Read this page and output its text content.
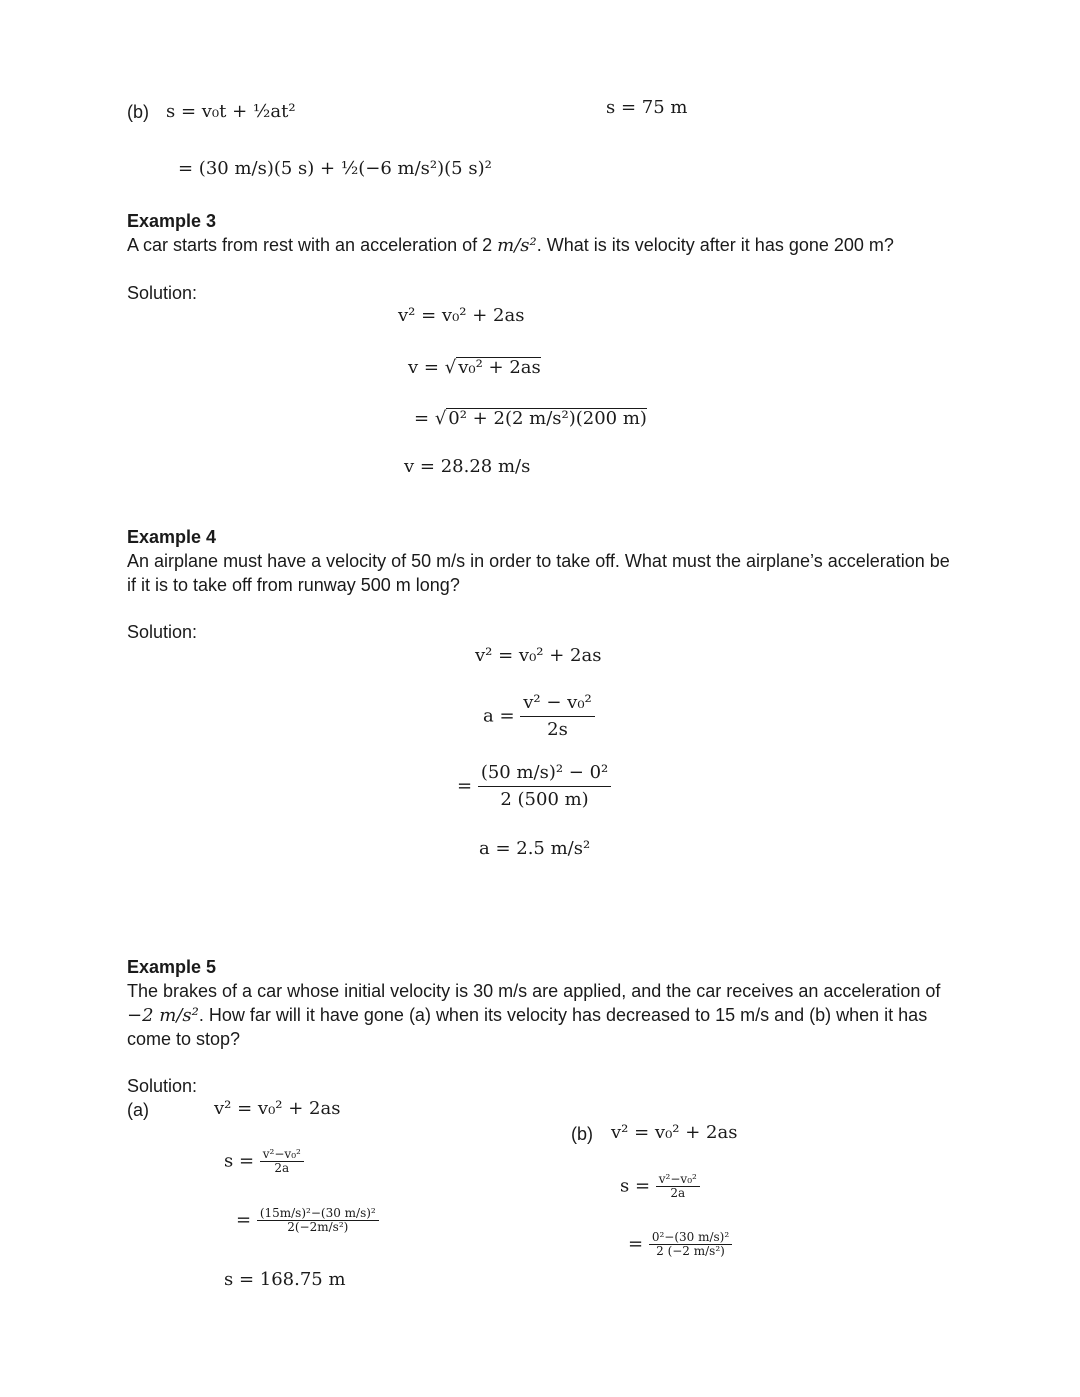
(b) s = v₀t + ½at²	s = 75 m
= (30 m/s)(5 s) + ½(−6 m/s²)(5 s)²
Example 3
A car starts from rest with an acceleration of 2 m/s². What is its velocity after it has gone 200 m?
Solution:
v² = v₀² + 2as
v = √ v₀² + 2as
= √ 0² + 2(2 m/s²)(200 m)
v = 28.28 m/s
Example 4
An airplane must have a velocity of 50 m/s in order to take off. What must the airplane’s acceleration be
if it is to take off from runway 500 m long?
Solution:
v² = v₀² + 2as
$a = \frac{\text{v² − v₀²}}{2s}$
= $\frac{\text{(50 m/s)² − 0²}}{2 (500 m)}$
a = 2.5 m/s²
Example 5
The brakes of a car whose initial velocity is 30 m/s are applied, and the car receives an acceleration of
−2 m/s². How far will it have gone (a) when its velocity has decreased to 15 m/s and (b) when it has
come to stop?
Solution:
(a)	v² = v₀² + 2as
$s = \frac{\text{v²−v₀²}}{2a}$
= $\frac{\text{(15m/s)²−(30 m/s)²}}{\text{2(−2m/s²)}}$
s = 168.75 m
(b) v² = v₀² + 2as
$s = \frac{\text{v²−v₀²}}{2a}$
= $\frac{\text{0²−(30 m/s)²}}{\text{2 (−2 m/s²)}}$
